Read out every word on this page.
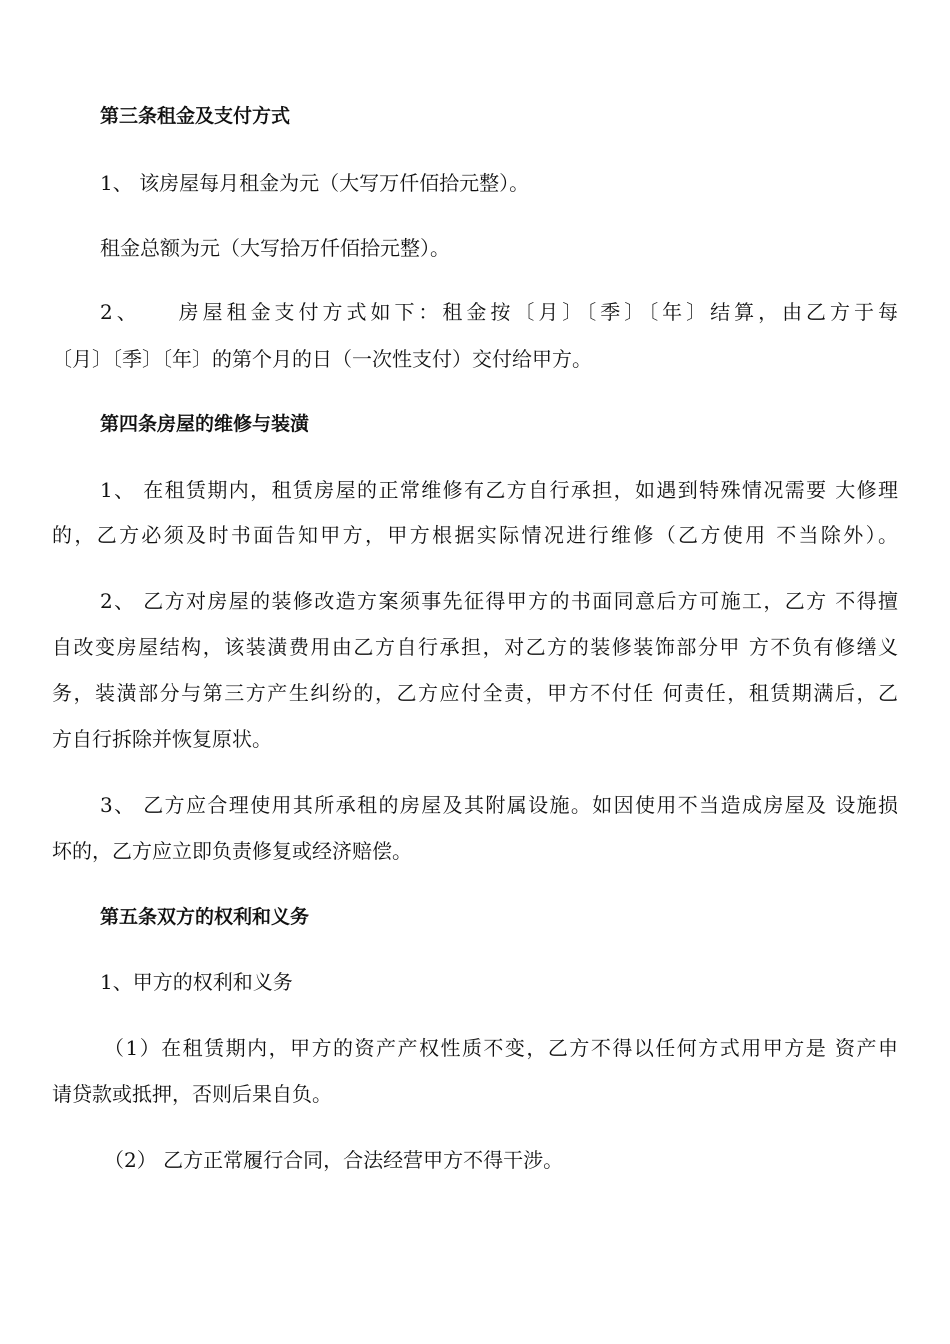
第三条租金及支付方式
1、 该房屋每月租金为元（大写万仟佰拾元整）。
租金总额为元（大写拾万仟佰拾元整）。
2、　　房屋租金支付方式如下：租金按〔月〕〔季〕〔年〕结算，由乙方于每
〔月〕〔季〕〔年〕的第个月的日（一次性支付）交付给甲方。
第四条房屋的维修与装潢
1、 在租赁期内，租赁房屋的正常维修有乙方自行承担，如遇到特殊情况需要 大修理
的，乙方必须及时书面告知甲方，甲方根据实际情况进行维修（乙方使用 不当除外）。
2、 乙方对房屋的装修改造方案须事先征得甲方的书面同意后方可施工，乙方 不得擅
自改变房屋结构，该装潢费用由乙方自行承担，对乙方的装修装饰部分甲 方不负有修缮义
务，装潢部分与第三方产生纠纷的，乙方应付全责，甲方不付任 何责任，租赁期满后，乙
方自行拆除并恢复原状。
3、 乙方应合理使用其所承租的房屋及其附属设施。如因使用不当造成房屋及 设施损
坏的，乙方应立即负责修复或经济赔偿。
第五条双方的权利和义务
1、甲方的权利和义务
（1）在租赁期内，甲方的资产产权性质不变，乙方不得以任何方式用甲方是 资产申
请贷款或抵押，否则后果自负。
（2） 乙方正常履行合同，合法经营甲方不得干涉。
